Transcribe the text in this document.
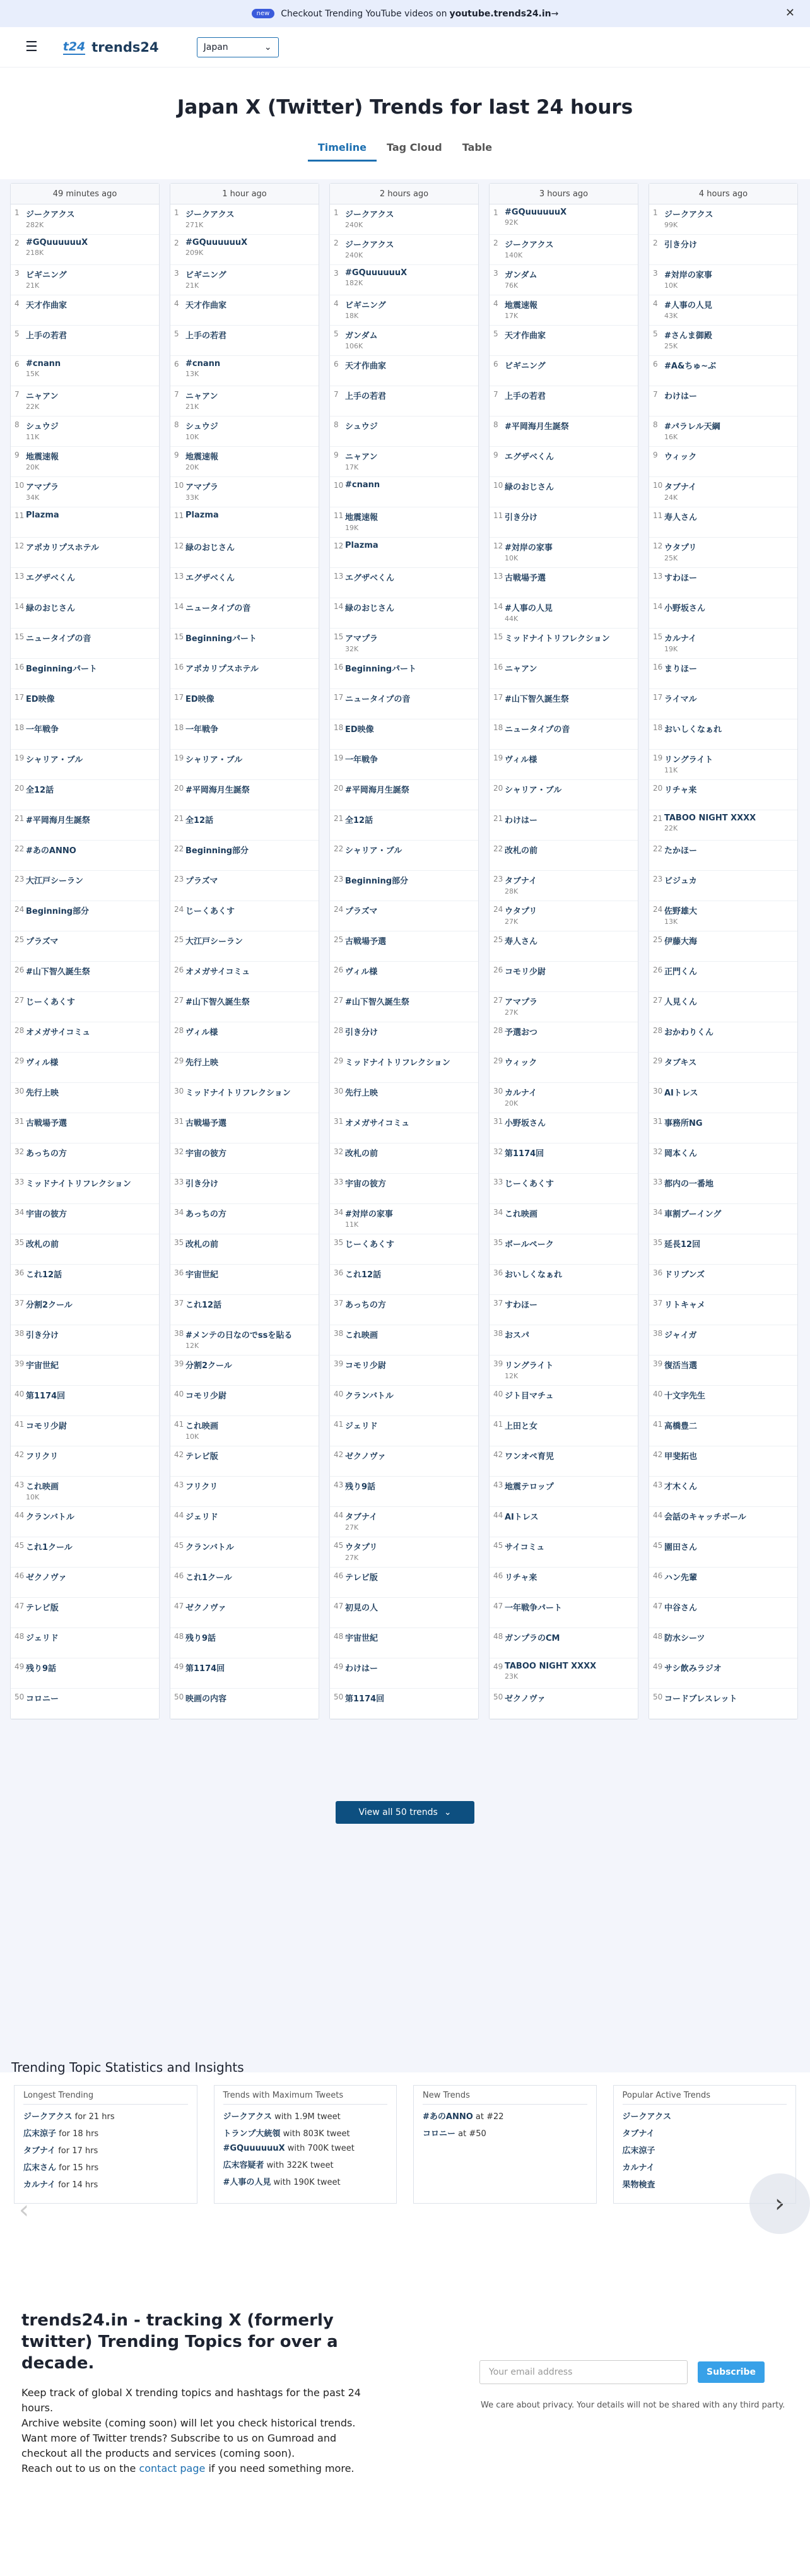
new	Checkout Trending YouTube videos on youtube.trends24.in →	✕
☰ t24 trends24	Japan	⌄
Japan X (Twitter) Trends for last 24 hours
Timeline	Tag Cloud	Table
49 minutes ago
1 ジークアクス
282K
2 #GQuuuuuuX
218K
3 ビギニング
21K
4 天才作曲家
5 上手の若君
6 #cnann
15K
7 ニャアン
22K
8 シュウジ
11K
9 地震速報
20K
10 アマプラ
34K
11 Plazma
12 アポカリプスホテル
13 エグザベくん
14 緑のおじさん
15 ニュータイプの音
16 Beginningパート
17 ED映像
18 一年戦争
19 シャリア・ブル
20 全12話
21 #平岡海月生誕祭
22 #あのANNO
23 大江戸シーラン
24 Beginning部分
25 プラズマ
26 #山下智久誕生祭
27 じーくあくす
28 オメガサイコミュ
29 ヴィル様
30 先行上映
31 古戦場予選
32 あっちの方
33 ミッドナイトリフレクション
34 宇宙の彼方
35 改札の前
36 これ12話
37 分割2クール
38 引き分け
39 宇宙世紀
40 第1174回
41 コモリ少尉
42 フリクリ
43 これ映画
10K
44 クランバトル
45 これ1クール
46 ゼクノヴァ
47 テレビ版
48 ジェリド
49 残り9話
50 コロニー
1 hour ago
1 ジークアクス
271K
2 #GQuuuuuuX
209K
3 ビギニング
21K
4 天才作曲家
5 上手の若君
6 #cnann
13K
7 ニャアン
21K
8 シュウジ
10K
9 地震速報
20K
10 アマプラ
33K
11 Plazma
12 緑のおじさん
13 エグザベくん
14 ニュータイプの音
15 Beginningパート
16 アポカリプスホテル
17 ED映像
18 一年戦争
19 シャリア・ブル
20 #平岡海月生誕祭
21 全12話
22 Beginning部分
23 プラズマ
24 じーくあくす
25 大江戸シーラン
26 オメガサイコミュ
27 #山下智久誕生祭
28 ヴィル様
29 先行上映
30 ミッドナイトリフレクション
31 古戦場予選
32 宇宙の彼方
33 引き分け
34 あっちの方
35 改札の前
36 宇宙世紀
37 これ12話
38 #メンテの日なのでssを貼る
12K
39 分割2クール
40 コモリ少尉
41 これ映画
10K
42 テレビ版
43 フリクリ
44 ジェリド
45 クランバトル
46 これ1クール
47 ゼクノヴァ
48 残り9話
49 第1174回
50 映画の内容
2 hours ago
1 ジークアクス
240K
2 ジークアクス
240K
3 #GQuuuuuuX
182K
4 ビギニング
18K
5 ガンダム
106K
6 天才作曲家
7 上手の若君
8 シュウジ
9 ニャアン
17K
10 #cnann
11 地震速報
19K
12 Plazma
13 エグザベくん
14 緑のおじさん
15 アマプラ
32K
16 Beginningパート
17 ニュータイプの音
18 ED映像
19 一年戦争
20 #平岡海月生誕祭
21 全12話
22 シャリア・ブル
23 Beginning部分
24 プラズマ
25 古戦場予選
26 ヴィル様
27 #山下智久誕生祭
28 引き分け
29 ミッドナイトリフレクション
30 先行上映
31 オメガサイコミュ
32 改札の前
33 宇宙の彼方
34 #対岸の家事
11K
35 じーくあくす
36 これ12話
37 あっちの方
38 これ映画
39 コモリ少尉
40 クランバトル
41 ジェリド
42 ゼクノヴァ
43 残り9話
44 タブナイ
27K
45 ウタプリ
27K
46 テレビ版
47 初見の人
48 宇宙世紀
49 わけはー
50 第1174回
3 hours ago
1 #GQuuuuuuX
92K
2 ジークアクス
140K
3 ガンダム
76K
4 地震速報
17K
5 天才作曲家
6 ビギニング
7 上手の若君
8 #平岡海月生誕祭
9 エグザベくん
10 緑のおじさん
11 引き分け
12 #対岸の家事
10K
13 古戦場予選
14 #人事の人見
44K
15 ミッドナイトリフレクション
16 ニャアン
17 #山下智久誕生祭
18 ニュータイプの音
19 ヴィル様
20 シャリア・ブル
21 わけはー
22 改札の前
23 タブナイ
28K
24 ウタプリ
27K
25 寿人さん
26 コモリ少尉
27 アマプラ
27K
28 予選おつ
29 ウィック
30 カルナイ
20K
31 小野坂さん
32 第1174回
33 じーくあくす
34 これ映画
35 ボールペーク
36 おいしくなぁれ
37 すわほー
38 おスパ
39 リングライト
12K
40 ジト目マチュ
41 上田と女
42 ワンオペ育児
43 地震テロップ
44 AIトレス
45 サイコミュ
46 リチャ来
47 一年戦争パート
48 ガンプラのCM
49 TABOO NIGHT XXXX
23K
50 ゼクノヴァ
4 hours ago
1 ジークアクス
99K
2 引き分け
3 #対岸の家事
10K
4 #人事の人見
43K
5 #さんま御殿
25K
6 #A&ちゅ~ぶ
7 わけはー
8 #パラレル天綱
16K
9 ウィック
10 タブナイ
24K
11 寿人さん
12 ウタプリ
25K
13 すわほー
14 小野坂さん
15 カルナイ
19K
16 まりほー
17 ライマル
18 おいしくなぁれ
19 リングライト
11K
20 リチャ来
21 TABOO NIGHT XXXX
22K
22 たかほー
23 ビジュカ
24 佐野雄大
13K
25 伊藤大海
26 正門くん
27 人見くん
28 おかわりくん
29 タブキス
30 AIトレス
31 事務所NG
32 岡本くん
33 都内の一番地
34 車割ブーイング
35 延長12回
36 ドリブンズ
37 リトキャメ
38 ジャイガ
39 復活当選
40 十文字先生
41 高橋豊二
42 甲斐拓也
43 才木くん
44 会話のキャッチボール
45 園田さん
46 ハン先輩
47 中谷さん
48 防水シーツ
49 サシ飲みラジオ
50 コードブレスレット
View all 50 trends ⌄
‹	›
Trending Topic Statistics and Insights
Longest Trending

ジークアクス for 21 hrs

広末涼子 for 18 hrs

タブナイ for 17 hrs

広末さん for 15 hrs

カルナイ for 14 hrs

Trends with Maximum Tweets

ジークアクス with 1.9M tweet

トランプ大統領 with 803K tweet

#GQuuuuuuX with 700K tweet

広末容疑者 with 322K tweet

#人事の人見 with 190K tweet

New Trends

#あのANNO at #22

コロニー at #50

Popular Active Trends

ジークアクス

タブナイ

広末涼子

カルナイ

果物検査

trends24.in - tracking X (formerly twitter) Trending Topics for over a decade.

Keep track of global X trending topics and hashtags for the past 24 hours.
Archive website (coming soon) will let you check historical trends.
Want more of Twitter trends? Subscribe to us on Gumroad and checkout all the products and services (coming soon).
Reach out to us on the contact page if you need something more.

Your email address	Subscribe
We care about privacy. Your details will not be shared with any third party.
